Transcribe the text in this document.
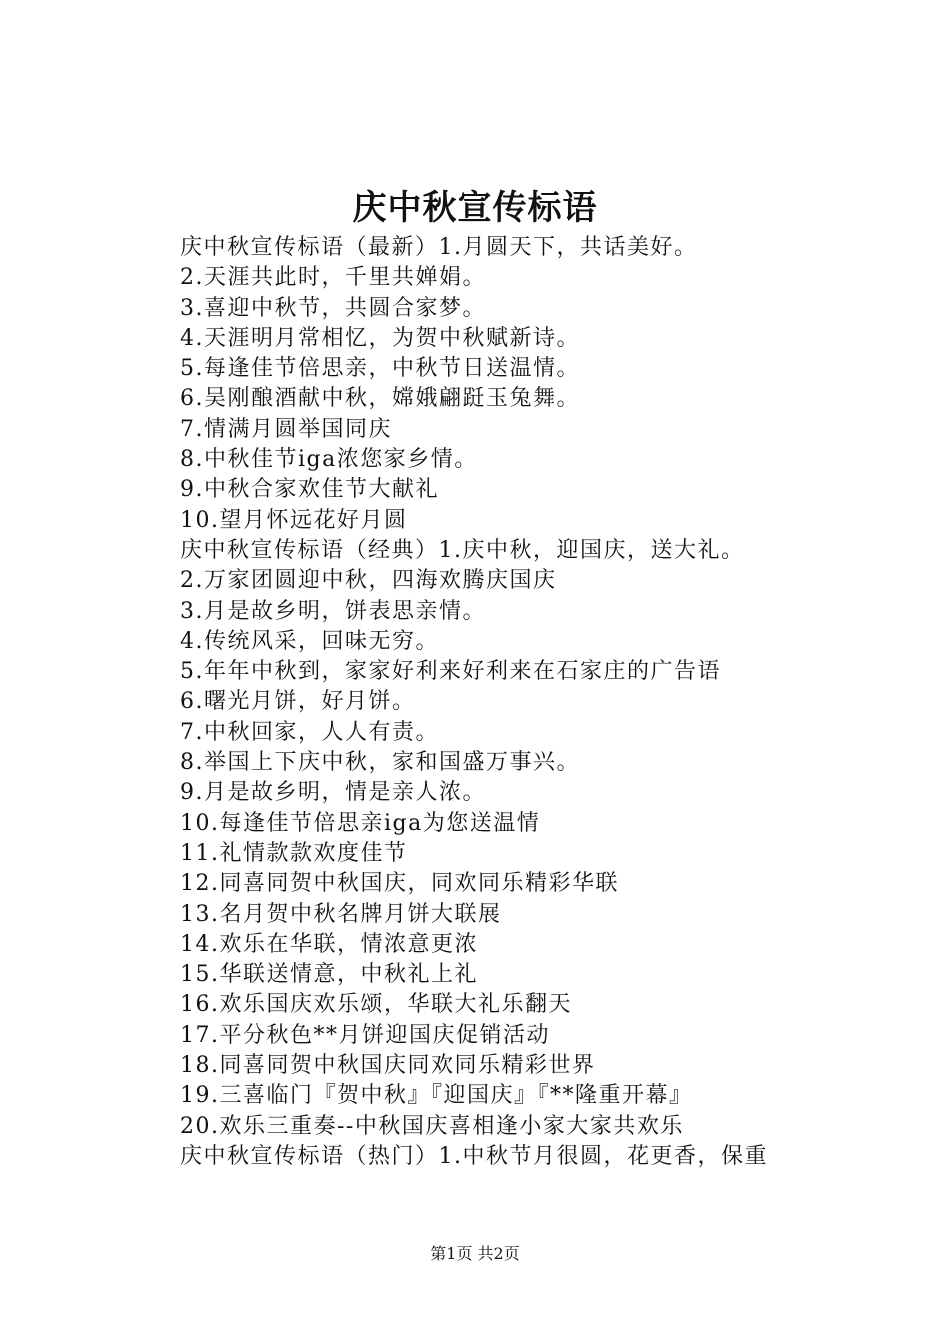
庆中秋宣传标语

庆中秋宣传标语（最新）1.月圆天下，共话美好。

2.天涯共此时，千里共婵娟。

3.喜迎中秋节，共圆合家梦。

4.天涯明月常相忆，为贺中秋赋新诗。

5.每逢佳节倍思亲，中秋节日送温情。

6.吴刚酿酒献中秋，嫦娥翩跹玉兔舞。

7.情满月圆举国同庆

8.中秋佳节iga浓您家乡情。

9.中秋合家欢佳节大献礼

10.望月怀远花好月圆

庆中秋宣传标语（经典）1.庆中秋，迎国庆，送大礼。

2.万家团圆迎中秋，四海欢腾庆国庆

3.月是故乡明，饼表思亲情。

4.传统风采，回味无穷。

5.年年中秋到，家家好利来好利来在石家庄的广告语

6.曙光月饼，好月饼。

7.中秋回家，人人有责。

8.举国上下庆中秋，家和国盛万事兴。

9.月是故乡明，情是亲人浓。

10.每逢佳节倍思亲iga为您送温情

11.礼情款款欢度佳节

12.同喜同贺中秋国庆，同欢同乐精彩华联

13.名月贺中秋名牌月饼大联展

14.欢乐在华联，情浓意更浓

15.华联送情意，中秋礼上礼

16.欢乐国庆欢乐颂，华联大礼乐翻天

17.平分秋色**月饼迎国庆促销活动

18.同喜同贺中秋国庆同欢同乐精彩世界

19.三喜临门『贺中秋』『迎国庆』『**隆重开幕』

20.欢乐三重奏--中秋国庆喜相逢小家大家共欢乐

庆中秋宣传标语（热门）1.中秋节月很圆，花更香，保重

第1页 共2页
